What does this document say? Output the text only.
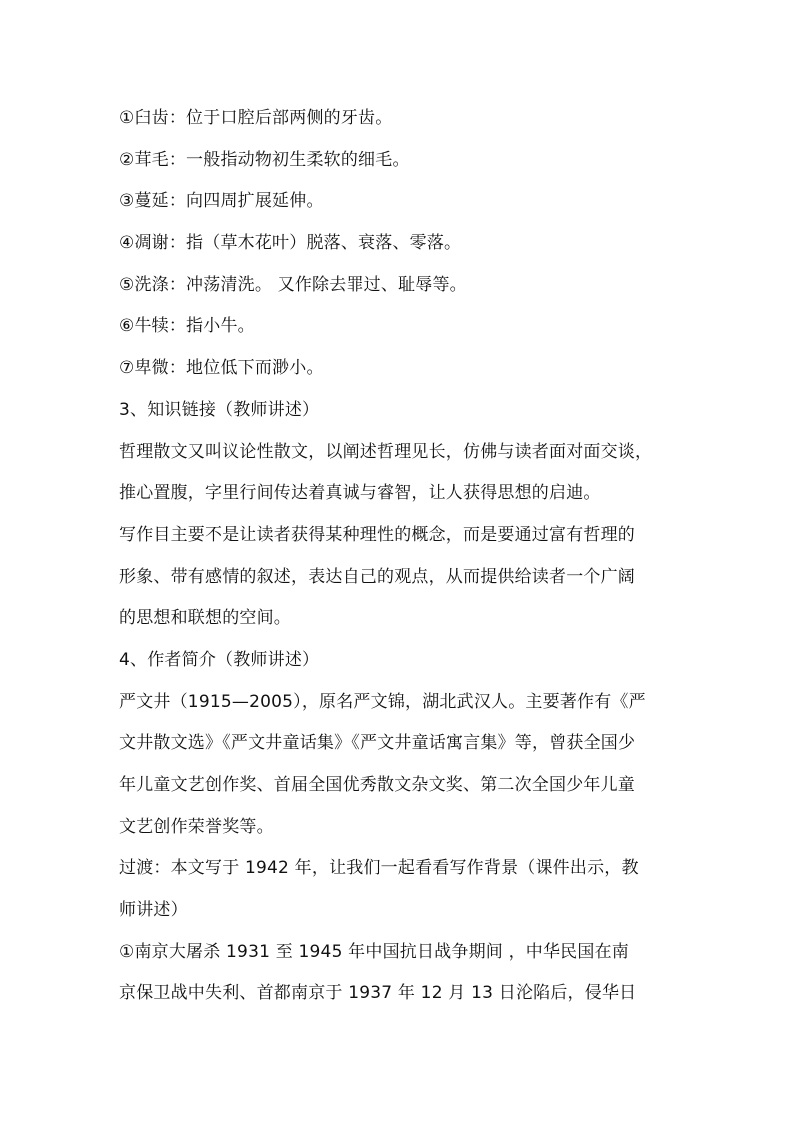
①臼齿：位于口腔后部两侧的牙齿。
②茸毛：一般指动物初生柔软的细毛。
③蔓延：向四周扩展延伸。
④凋谢：指（草木花叶）脱落、衰落、零落。
⑤洗涤：冲荡清洗。 又作除去罪过、耻辱等。
⑥牛犊：指小牛。
⑦卑微：地位低下而渺小。
3、知识链接（教师讲述）
哲理散文又叫议论性散文，以阐述哲理见长，仿佛与读者面对面交谈，
推心置腹，字里行间传达着真诚与睿智，让人获得思想的启迪。
写作目主要不是让读者获得某种理性的概念，而是要通过富有哲理的
形象、带有感情的叙述，表达自己的观点，从而提供给读者一个广阔
的思想和联想的空间。
4、作者简介（教师讲述）
严文井（1915—2005），原名严文锦，湖北武汉人。主要著作有《严
文井散文选》《严文井童话集》《严文井童话寓言集》等，曾获全国少
年儿童文艺创作奖、首届全国优秀散文杂文奖、第二次全国少年儿童
文艺创作荣誉奖等。
过渡：本文写于 1942 年，让我们一起看看写作背景（课件出示，教
师讲述）
①南京大屠杀 1931 至 1945 年中国抗日战争期间 ，中华民国在南
京保卫战中失利、首都南京于 1937 年 12 月 13 日沦陷后，侵华日
